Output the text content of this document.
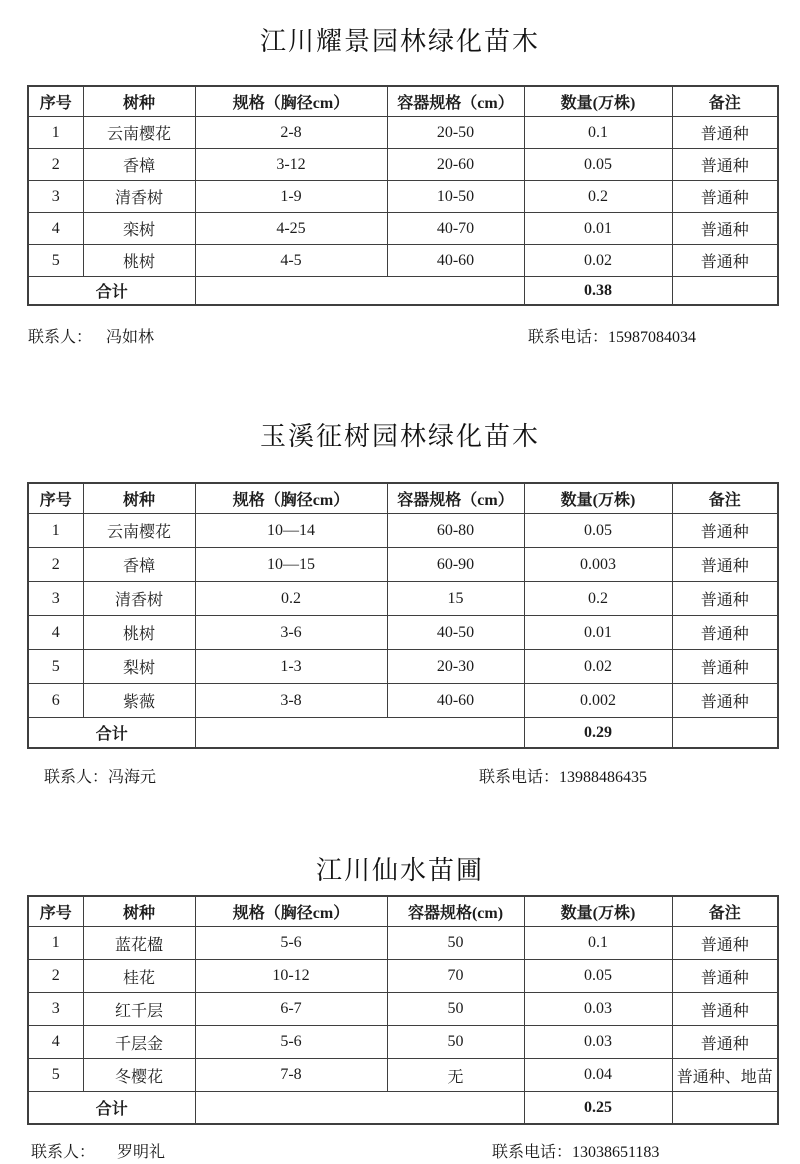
江川耀景园林绿化苗木
序号	树种	规格（胸径cm）	容器规格（cm）	数量(万株)	备注
1	云南樱花	2-8	20-50	0.1	普通种
2	香樟	3-12	20-60	0.05	普通种
3	清香树	1-9	10-50	0.2	普通种
4	栾树	4-25	40-70	0.01	普通种
5	桃树	4-5	40-60	0.02	普通种
合计				0.38	
联系人： 冯如林	联系电话：15987084034
玉溪征树园林绿化苗木
序号	树种	规格（胸径cm）	容器规格（cm）	数量(万株)	备注
1	云南樱花	10—14	60-80	0.05	普通种
2	香樟	10—15	60-90	0.003	普通种
3	清香树	0.2	15	0.2	普通种
4	桃树	3-6	40-50	0.01	普通种
5	梨树	1-3	20-30	0.02	普通种
6	紫薇	3-8	40-60	0.002	普通种
合计				0.29	
联系人：冯海元	联系电话：13988486435
江川仙水苗圃
序号	树种	规格（胸径cm）	容器规格(cm)	数量(万株)	备注
1	蓝花楹	5-6	50	0.1	普通种
2	桂花	10-12	70	0.05	普通种
3	红千层	6-7	50	0.03	普通种
4	千层金	5-6	50	0.03	普通种
5	冬樱花	7-8	无	0.04	普通种、地苗
合计				0.25	
联系人： 罗明礼	联系电话：13038651183
